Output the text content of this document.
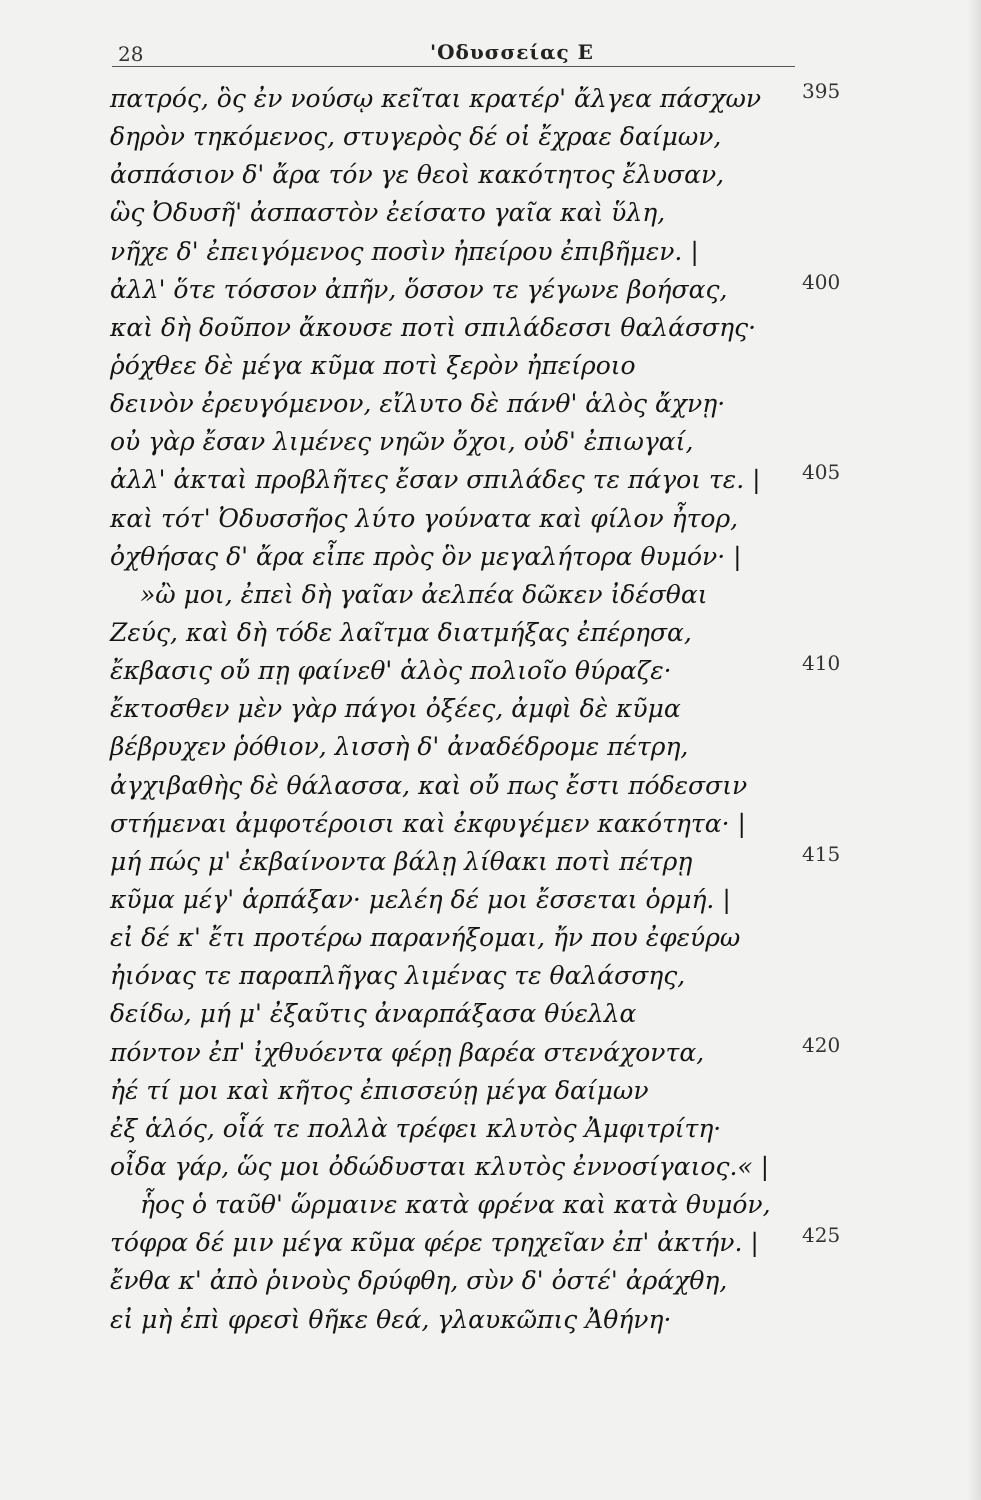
28	'Οδυσσείας Ε
πατρός, ὃς ἐν νούσῳ κεῖται κρατέρ' ἄλγεα πάσχων 395
δηρὸν τηκόμενος, στυγερὸς δέ οἱ ἔχραε δαίμων,
ἀσπάσιον δ' ἄρα τόν γε θεοὶ κακότητος ἔλυσαν,
ὣς Ὀδυσῆ' ἀσπαστὸν ἐείσατο γαῖα καὶ ὕλη,
νῆχε δ' ἐπειγόμενος ποσὶν ἠπείρου ἐπιβῆμεν. |
ἀλλ' ὅτε τόσσον ἀπῆν, ὅσσον τε γέγωνε βοήσας,	400
καὶ δὴ δοῦπον ἄκουσε ποτὶ σπιλάδεσσι θαλάσσης·
ῥόχθεε δὲ μέγα κῦμα ποτὶ ξερὸν ἠπείροιο
δεινὸν ἐρευγόμενον, εἴλυτο δὲ πάνθ' ἁλὸς ἄχνῃ·
οὐ γὰρ ἔσαν λιμένες νηῶν ὄχοι, οὐδ' ἐπιωγαί,
ἀλλ' ἀκταὶ προβλῆτες ἔσαν σπιλάδες τε πάγοι τε. | 405
καὶ τότ' Ὀδυσσῆος λύτο γούνατα καὶ φίλον ἦτορ,
ὀχθήσας δ' ἄρα εἶπε πρὸς ὃν μεγαλήτορα θυμόν· |
»ὢ μοι, ἐπεὶ δὴ γαῖαν ἀελπέα δῶκεν ἰδέσθαι
Ζεύς, καὶ δὴ τόδε λαῖτμα διατμήξας ἐπέρησα,
ἔκβασις οὔ πῃ φαίνεθ' ἁλὸς πολιοῖο θύραζε·	410
ἔκτοσθεν μὲν γὰρ πάγοι ὀξέες, ἀμφὶ δὲ κῦμα
βέβρυχεν ῥόθιον, λισσὴ δ' ἀναδέδρομε πέτρη,
ἀγχιβαθὴς δὲ θάλασσα, καὶ οὔ πως ἔστι πόδεσσιν
στήμεναι ἀμφοτέροισι καὶ ἐκφυγέμεν κακότητα· |
μή πώς μ' ἐκβαίνοντα βάλῃ λίθακι ποτὶ πέτρῃ	415
κῦμα μέγ' ἁρπάξαν· μελέη δέ μοι ἔσσεται ὁρμή. |
εἰ δέ κ' ἔτι προτέρω παρανήξομαι, ἤν που ἐφεύρω
ἠιόνας τε παραπλῆγας λιμένας τε θαλάσσης,
δείδω, μή μ' ἐξαῦτις ἀναρπάξασα θύελλα
πόντον ἐπ' ἰχθυόεντα φέρῃ βαρέα στενάχοντα,	420
ἠέ τί μοι καὶ κῆτος ἐπισσεύῃ μέγα δαίμων
ἐξ ἁλός, οἷά τε πολλὰ τρέφει κλυτὸς Ἀμφιτρίτη·
οἶδα γάρ, ὥς μοι ὀδώδυσται κλυτὸς ἐννοσίγαιος.« |
ἧος ὁ ταῦθ' ὥρμαινε κατὰ φρένα καὶ κατὰ θυμόν,
τόφρα δέ μιν μέγα κῦμα φέρε τρηχεῖαν ἐπ' ἀκτήν. | 425
ἔνθα κ' ἀπὸ ῥινοὺς δρύφθη, σὺν δ' ὀστέ' ἀράχθη,
εἰ μὴ ἐπὶ φρεσὶ θῆκε θεά, γλαυκῶπις Ἀθήνη·
